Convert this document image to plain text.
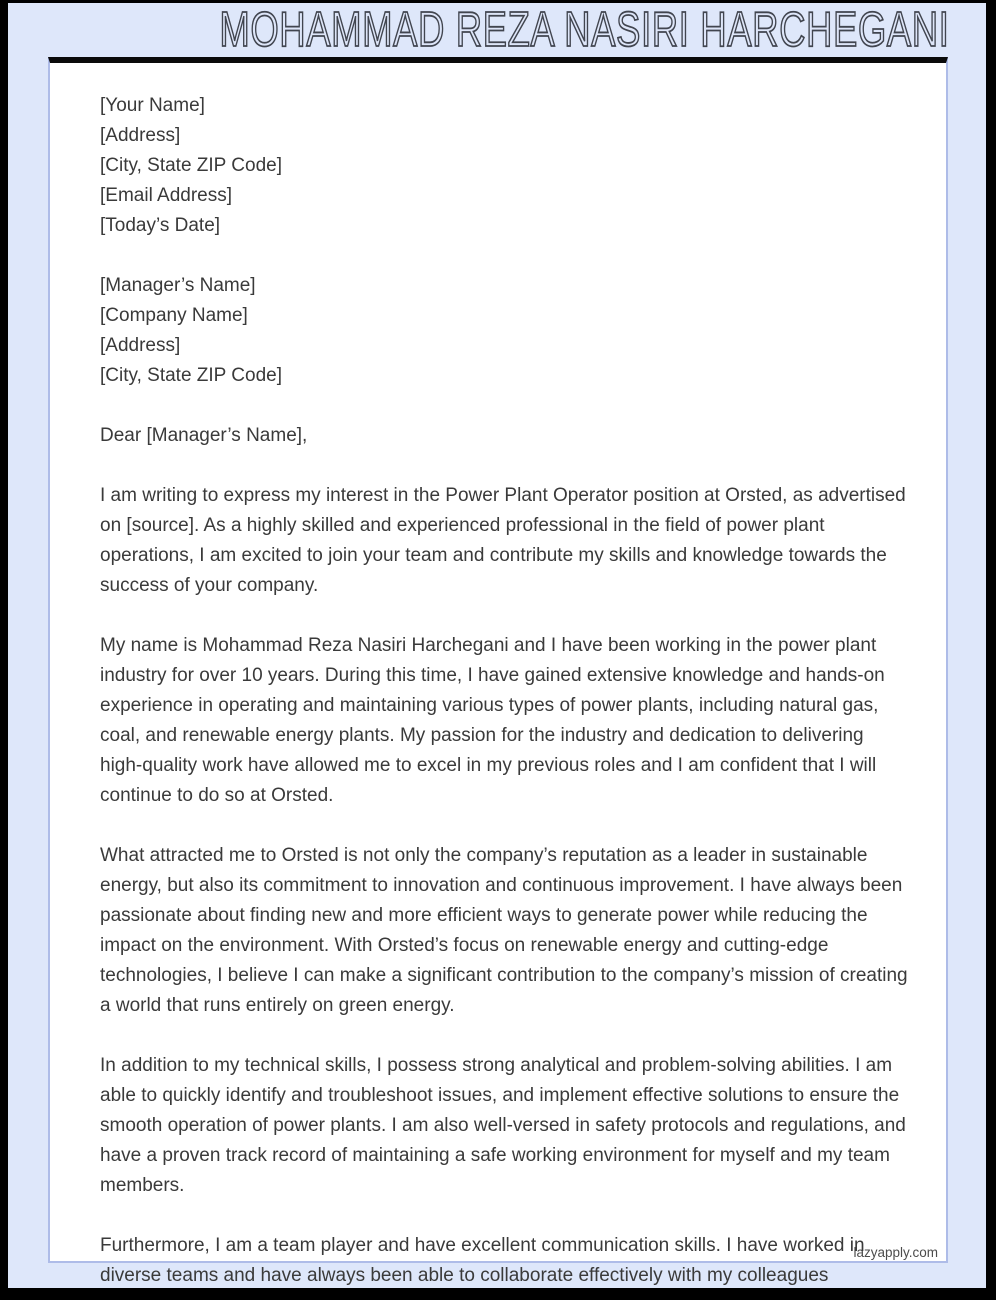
MOHAMMAD REZA NASIRI HARCHEGANI
[Your Name]
[Address]
[City, State ZIP Code]
[Email Address]
[Today’s Date]
[Manager’s Name]
[Company Name]
[Address]
[City, State ZIP Code]

Dear [Manager’s Name],

I am writing to express my interest in the Power Plant Operator position at Orsted, as advertised on [source]. As a highly skilled and experienced professional in the field of power plant operations, I am excited to join your team and contribute my skills and knowledge towards the success of your company.

My name is Mohammad Reza Nasiri Harchegani and I have been working in the power plant industry for over 10 years. During this time, I have gained extensive knowledge and hands-on experience in operating and maintaining various types of power plants, including natural gas, coal, and renewable energy plants. My passion for the industry and dedication to delivering high-quality work have allowed me to excel in my previous roles and I am confident that I will continue to do so at Orsted.

What attracted me to Orsted is not only the company’s reputation as a leader in sustainable energy, but also its commitment to innovation and continuous improvement. I have always been passionate about finding new and more efficient ways to generate power while reducing the impact on the environment. With Orsted’s focus on renewable energy and cutting-edge technologies, I believe I can make a significant contribution to the company’s mission of creating a world that runs entirely on green energy.

In addition to my technical skills, I possess strong analytical and problem-solving abilities. I am able to quickly identify and troubleshoot issues, and implement effective solutions to ensure the smooth operation of power plants. I am also well-versed in safety protocols and regulations, and have a proven track record of maintaining a safe working environment for myself and my team members.

Furthermore, I am a team player and have excellent communication skills. I have worked in diverse teams and have always been able to collaborate effectively with my colleagues

lazyapply.com
